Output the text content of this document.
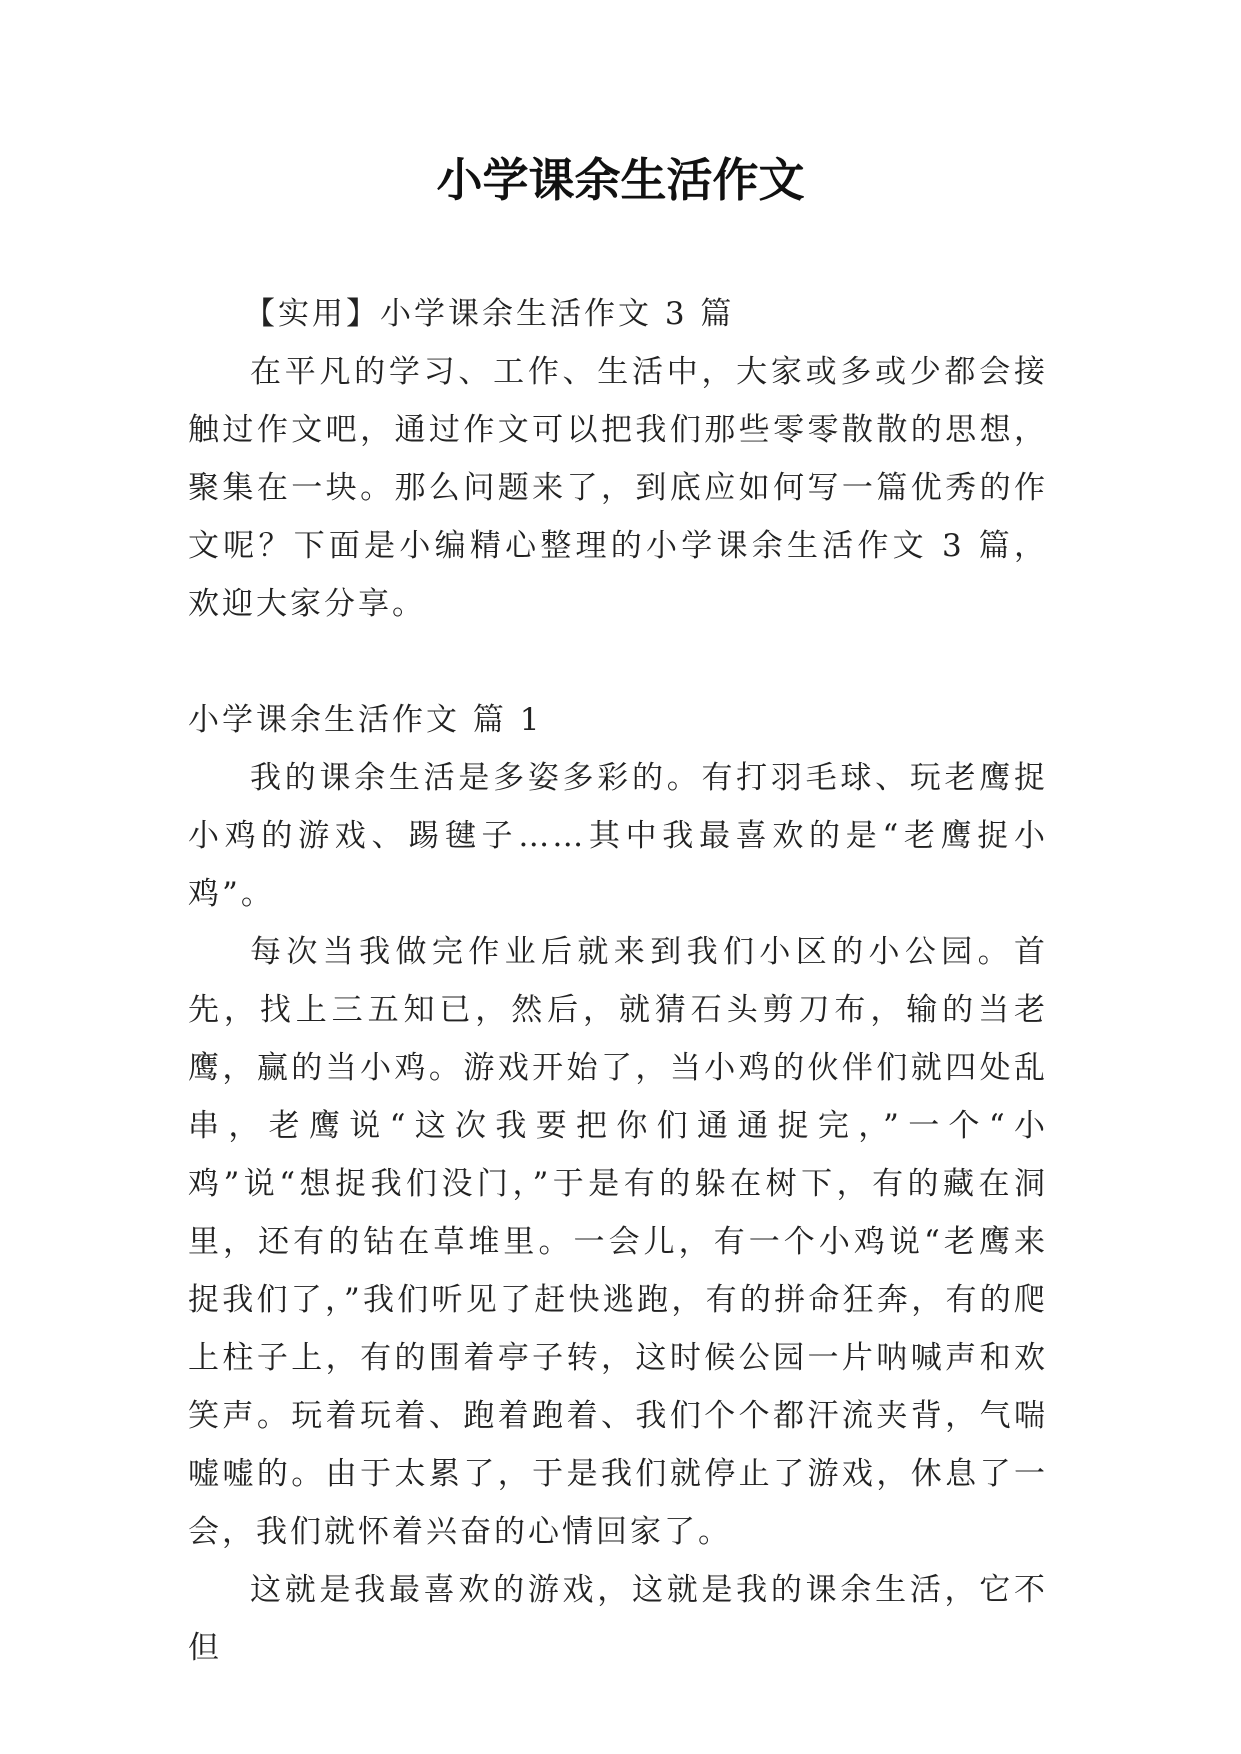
小学课余生活作文

【实用】小学课余生活作文 3 篇

在平凡的学习、工作、生活中，大家或多或少都会接触过作文吧，通过作文可以把我们那些零零散散的思想，聚集在一块。那么问题来了，到底应如何写一篇优秀的作文呢？下面是小编精心整理的小学课余生活作文 3 篇，欢迎大家分享。

小学课余生活作文 篇 1

我的课余生活是多姿多彩的。有打羽毛球、玩老鹰捉小鸡的游戏、踢毽子……其中我最喜欢的是“老鹰捉小鸡”。

每次当我做完作业后就来到我们小区的小公园。首先，找上三五知已，然后，就猜石头剪刀布，输的当老鹰，赢的当小鸡。游戏开始了，当小鸡的伙伴们就四处乱串，老鹰说“这次我要把你们通通捉完，”一个“小鸡”说“想捉我们没门，”于是有的躲在树下，有的藏在洞里，还有的钻在草堆里。一会儿，有一个小鸡说“老鹰来捉我们了，”我们听见了赶快逃跑，有的拼命狂奔，有的爬上柱子上，有的围着亭子转，这时候公园一片呐喊声和欢笑声。玩着玩着、跑着跑着、我们个个都汗流夹背，气喘嘘嘘的。由于太累了，于是我们就停止了游戏，休息了一会，我们就怀着兴奋的心情回家了。

这就是我最喜欢的游戏，这就是我的课余生活，它不但
